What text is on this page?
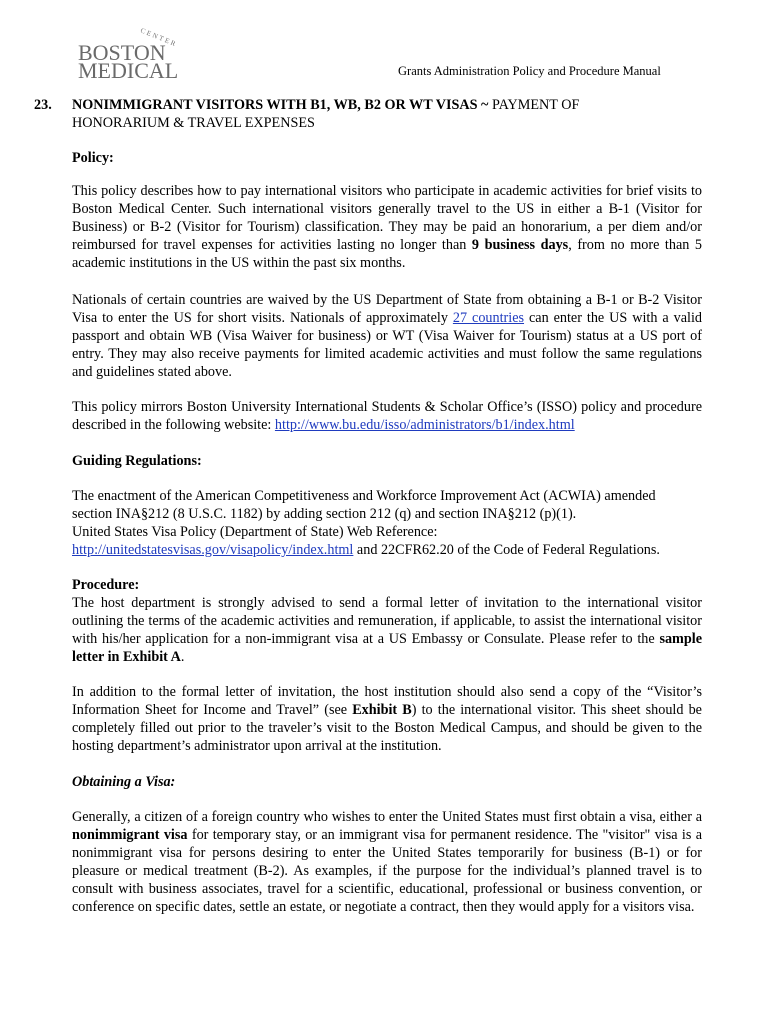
CENTER
BOSTON
MEDICAL	Grants Administration Policy and Procedure Manual
23. NONIMMIGRANT VISITORS WITH B1, WB, B2 OR WT VISAS ~ PAYMENT OF
HONORARIUM & TRAVEL EXPENSES
Policy:
This policy describes how to pay international visitors who participate in academic activities for brief visits to Boston Medical Center. Such international visitors generally travel to the US in either a B-1 (Visitor for Business) or B-2 (Visitor for Tourism) classification. They may be paid an honorarium, a per diem and/or reimbursed for travel expenses for activities lasting no longer than 9 business days, from no more than 5 academic institutions in the US within the past six months.
Nationals of certain countries are waived by the US Department of State from obtaining a B-1 or B-2 Visitor Visa to enter the US for short visits. Nationals of approximately 27 countries can enter the US with a valid passport and obtain WB (Visa Waiver for business) or WT (Visa Waiver for Tourism) status at a US port of entry. They may also receive payments for limited academic activities and must follow the same regulations and guidelines stated above.
This policy mirrors Boston University International Students & Scholar Office’s (ISSO) policy and procedure described in the following website: http://www.bu.edu/isso/administrators/b1/index.html
Guiding Regulations:
The enactment of the American Competitiveness and Workforce Improvement Act (ACWIA) amended
section INA§212 (8 U.S.C. 1182) by adding section 212 (q) and section INA§212 (p)(1).
United States Visa Policy (Department of State) Web Reference:
http://unitedstatesvisas.gov/visapolicy/index.html and 22CFR62.20 of the Code of Federal Regulations.
Procedure:
The host department is strongly advised to send a formal letter of invitation to the international visitor outlining the terms of the academic activities and remuneration, if applicable, to assist the international visitor with his/her application for a non-immigrant visa at a US Embassy or Consulate. Please refer to the sample letter in Exhibit A.
In addition to the formal letter of invitation, the host institution should also send a copy of the “Visitor’s Information Sheet for Income and Travel” (see Exhibit B) to the international visitor. This sheet should be completely filled out prior to the traveler’s visit to the Boston Medical Campus, and should be given to the hosting department’s administrator upon arrival at the institution.
Obtaining a Visa:
Generally, a citizen of a foreign country who wishes to enter the United States must first obtain a visa, either a nonimmigrant visa for temporary stay, or an immigrant visa for permanent residence. The "visitor" visa is a nonimmigrant visa for persons desiring to enter the United States temporarily for business (B-1) or for pleasure or medical treatment (B-2). As examples, if the purpose for the individual’s planned travel is to consult with business associates, travel for a scientific, educational, professional or business convention, or conference on specific dates, settle an estate, or negotiate a contract, then they would apply for a visitors visa.
